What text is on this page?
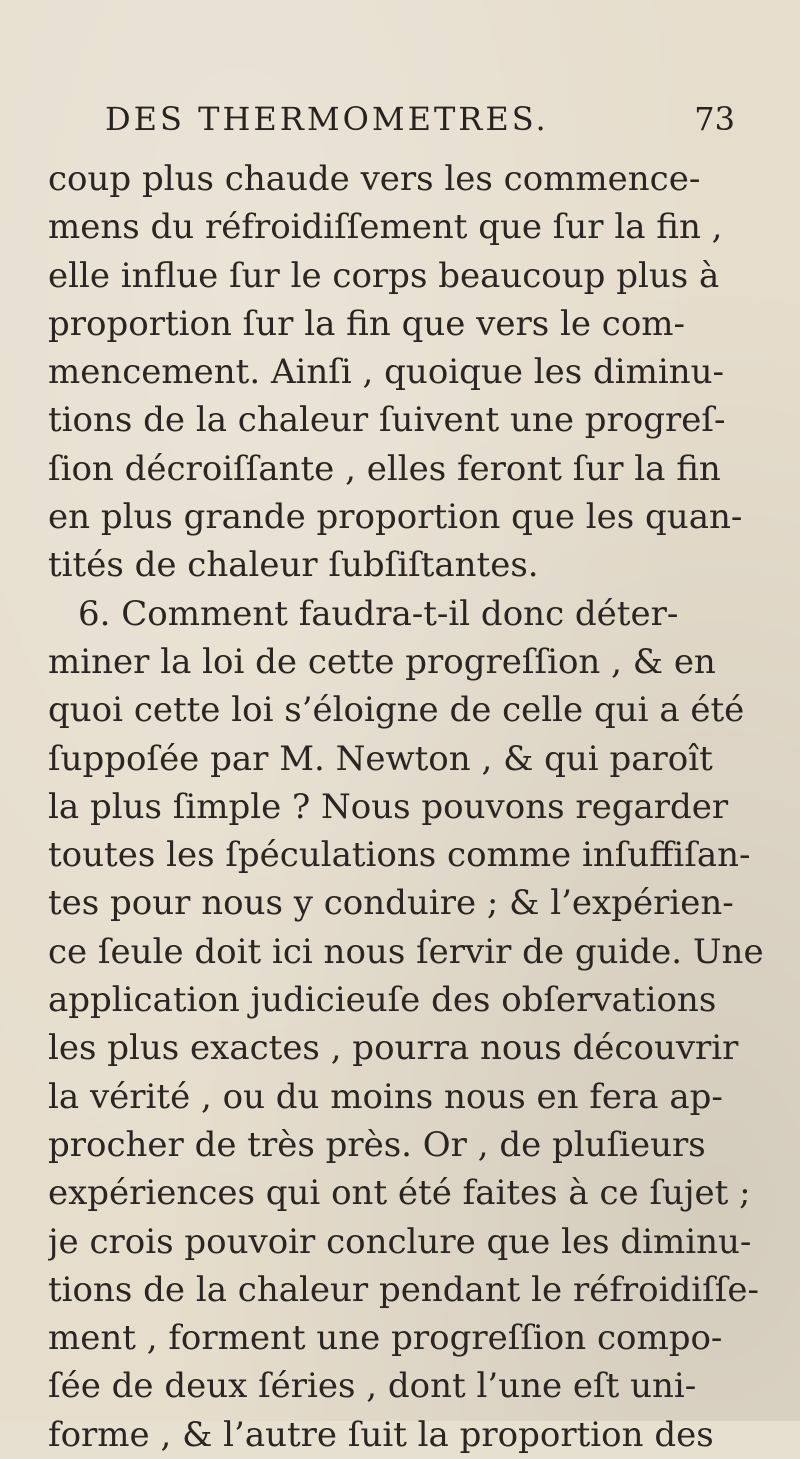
DES THERMOMETRES.	73
coup plus chaude vers les commence-
mens du réfroidiſſement que ſur la fin ,
elle influe ſur le corps beaucoup plus à
proportion ſur la fin que vers le com-
mencement. Ainſi , quoique les diminu-
tions de la chaleur ſuivent une progreſ-
ſion décroiſſante , elles feront ſur la fin
en plus grande proportion que les quan-
tités de chaleur ſubſiſtantes.
6. Comment faudra-t-il donc déter-
miner la loi de cette progreſſion , & en
quoi cette loi s’éloigne de celle qui a été
ſuppoſée par M. Newton , & qui paroît
la plus ſimple ? Nous pouvons regarder
toutes les ſpéculations comme inſuffiſan-
tes pour nous y conduire ; & l’expérien-
ce ſeule doit ici nous ſervir de guide. Une
application judicieuſe des obſervations
les plus exactes , pourra nous découvrir
la vérité , ou du moins nous en fera ap-
procher de très près. Or , de pluſieurs
expériences qui ont été faites à ce ſujet ;
je crois pouvoir conclure que les diminu-
tions de la chaleur pendant le réfroidiſſe-
ment , forment une progreſſion compo-
ſée de deux ſéries , dont l’une eſt uni-
forme , & l’autre ſuit la proportion des
